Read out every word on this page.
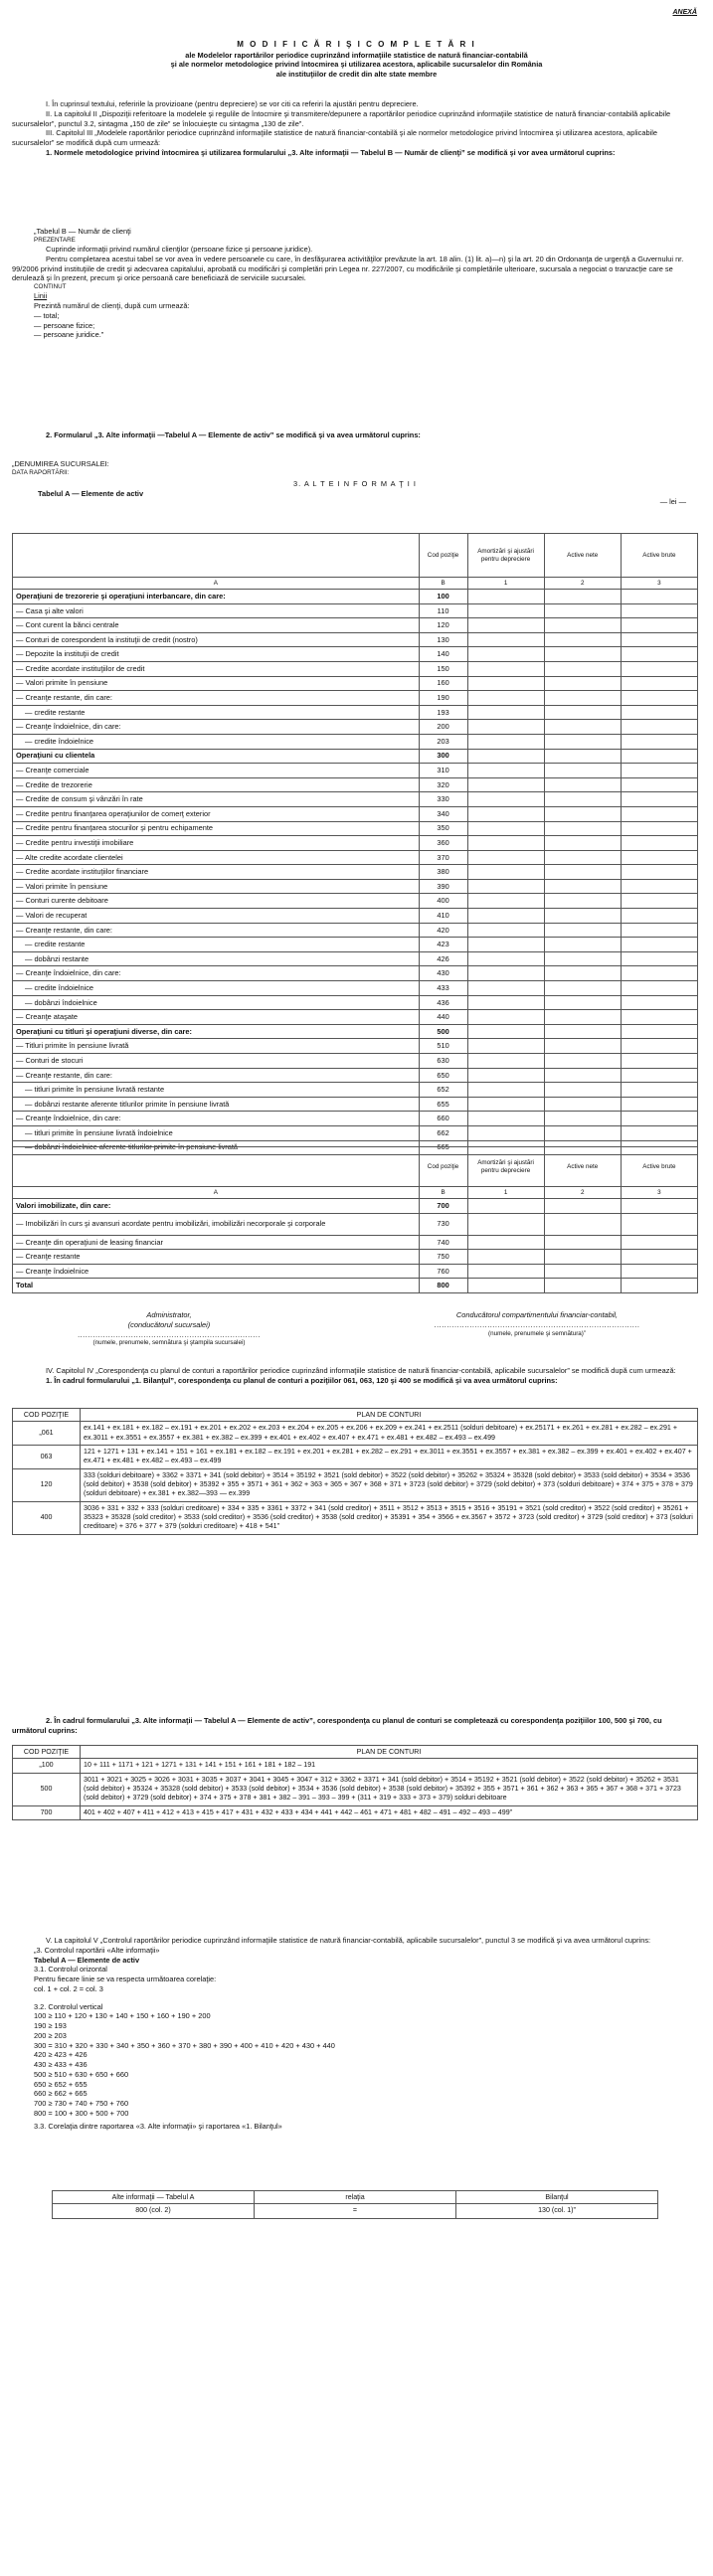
ANEXĂ
M O D I F I C Ă R I Ş I C O M P L E T Ă R I
ale Modelelor raportărilor periodice cuprinzând informaţiile statistice de natură financiar-contabilă
şi ale normelor metodologice privind întocmirea şi utilizarea acestora, aplicabile sucursalelor din România
ale instituţiilor de credit din alte state membre

I. În cuprinsul textului, referirile la provizioane (pentru depreciere) se vor citi ca referiri la ajustări pentru depreciere.

II. La capitolul II „Dispoziţii referitoare la modelele şi regulile de întocmire şi transmitere/depunere a raportărilor periodice cuprinzând informaţiile statistice de natură financiar-contabilă aplicabile sucursalelor”, punctul 3.2, sintagma „150 de zile” se înlocuieşte cu sintagma „130 de zile”.

III. Capitolul III „Modelele raportărilor periodice cuprinzând informaţiile statistice de natură financiar-contabilă şi ale normelor metodologice privind întocmirea şi utilizarea acestora, aplicabile sucursalelor” se modifică după cum urmează:

1. Normele metodologice privind întocmirea şi utilizarea formularului „3. Alte informaţii — Tabelul B — Număr de clienţi” se modifică şi vor avea următorul cuprins:

„Tabelul B — Număr de clienţi

PREZENTARE

Cuprinde informaţii privind numărul clienţilor (persoane fizice şi persoane juridice).

Pentru completarea acestui tabel se vor avea în vedere persoanele cu care, în desfăşurarea activităţilor prevăzute la art. 18 alin. (1) lit. a)—n) şi la art. 20 din Ordonanţa de urgenţă a Guvernului nr. 99/2006 privind instituţiile de credit şi adecvarea capitalului, aprobată cu modificări şi completări prin Legea nr. 227/2007, cu modificările şi completările ulterioare, sucursala a negociat o tranzacţie care se derulează şi în prezent, precum şi orice persoană care beneficiază de serviciile sucursalei.

CONTINUT

Linii

Prezintă numărul de clienţi, după cum urmează:

— total;

— persoane fizice;

— persoane juridice.”

2. Formularul „3. Alte informaţii —Tabelul A — Elemente de activ” se modifică şi va avea următorul cuprins:

„DENUMIREA SUCURSALEI:

DATA RAPORTĂRII:

3. A L T E I N F O R M A Ţ I I

Tabelul A — Elemente de activ

— lei —

	Cod poziţie	Amortizări şi ajustări pentru depreciere	Active nete	Active brute
A	B	1	2	3
Operaţiuni de trezorerie şi operaţiuni interbancare, din care:	100			
— Casa şi alte valori	110			
— Cont curent la bănci centrale	120			
— Conturi de corespondent la instituţii de credit (nostro)	130			
— Depozite la instituţii de credit	140			
— Credite acordate instituţiilor de credit	150			
— Valori primite în pensiune	160			
— Creanţe restante, din care:	190			
— credite restante	193			
— Creanţe îndoielnice, din care:	200			
— credite îndoielnice	203			
Operaţiuni cu clientela	300			
— Creanţe comerciale	310			
— Credite de trezorerie	320			
— Credite de consum şi vânzări în rate	330			
— Credite pentru finanţarea operaţiunilor de comerţ exterior	340			
— Credite pentru finanţarea stocurilor şi pentru echipamente	350			
— Credite pentru investiţii imobiliare	360			
— Alte credite acordate clientelei	370			
— Credite acordate instituţiilor financiare	380			
— Valori primite în pensiune	390			
— Conturi curente debitoare	400			
— Valori de recuperat	410			
— Creanţe restante, din care:	420			
— credite restante	423			
— dobânzi restante	426			
— Creanţe îndoielnice, din care:	430			
— credite îndoielnice	433			
— dobânzi îndoielnice	436			
— Creanţe ataşate	440			
Operaţiuni cu titluri şi operaţiuni diverse, din care:	500			
— Titluri primite în pensiune livrată	510			
— Conturi de stocuri	630			
— Creanţe restante, din care:	650			
— titluri primite în pensiune livrată restante	652			
— dobânzi restante aferente titlurilor primite în pensiune livrată	655			
— Creanţe îndoielnice, din care:	660			
— titluri primite în pensiune livrată îndoielnice	662			
— dobânzi îndoielnice aferente titlurilor primite în pensiune livrată	665			
	Cod poziţie	Amortizări şi ajustări pentru depreciere	Active nete	Active brute
A	B	1	2	3
Valori imobilizate, din care:	700			
— Imobilizări în curs şi avansuri acordate pentru imobilizări, imobilizări necorporale şi corporale	730			
— Creanţe din operaţiuni de leasing financiar	740			
— Creanţe restante	750			
— Creanţe îndoielnice	760			
Total	800			
Administrator,
(conducătorul sucursalei)
........................................................................
(numele, prenumele, semnătura şi ştampila sucursalei)
Conducătorul compartimentului financiar-contabil,
.................................................................................
(numele, prenumele şi semnătura)”

IV. Capitolul IV „Corespondenţa cu planul de conturi a raportărilor periodice cuprinzând informaţiile statistice de natură financiar-contabilă, aplicabile sucursalelor” se modifică după cum urmează:

1. În cadrul formularului „1. Bilanţul”, corespondenţa cu planul de conturi a poziţiilor 061, 063, 120 şi 400 se modifică şi va avea următorul cuprins:

COD POZIŢIE	PLAN DE CONTURI
„061	ex.141 + ex.181 + ex.182 – ex.191 + ex.201 + ex.202 + ex.203 + ex.204 + ex.205 + ex.206 + ex.209 + ex.241 + ex.2511 (solduri debitoare) + ex.25171 + ex.261 + ex.281 + ex.282 – ex.291 + ex.3011 + ex.3551 + ex.3557 + ex.381 + ex.382 – ex.399 + ex.401 + ex.402 + ex.407 + ex.471 + ex.481 + ex.482 – ex.493 – ex.499
063	121 + 1271 + 131 + ex.141 + 151 + 161 + ex.181 + ex.182 – ex.191 + ex.201 + ex.281 + ex.282 – ex.291 + ex.3011 + ex.3551 + ex.3557 + ex.381 + ex.382 – ex.399 + ex.401 + ex.402 + ex.407 + ex.471 + ex.481 + ex.482 – ex.493 – ex.499
120	333 (solduri debitoare) + 3362 + 3371 + 341 (sold debitor) + 3514 + 35192 + 3521 (sold debitor) + 3522 (sold debitor) + 35262 + 35324 + 35328 (sold debitor) + 3533 (sold debitor) + 3534 + 3536 (sold debitor) + 3538 (sold debitor) + 35392 + 355 + 3571 + 361 + 362 + 363 + 365 + 367 + 368 + 371 + 3723 (sold debitor) + 3729 (sold debitor) + 373 (solduri debitoare) + 374 + 375 + 378 + 379 (solduri debitoare) + ex.381 + ex.382—393 — ex.399
400	3036 + 331 + 332 + 333 (solduri creditoare) + 334 + 335 + 3361 + 3372 + 341 (sold creditor) + 3511 + 3512 + 3513 + 3515 + 3516 + 35191 + 3521 (sold creditor) + 3522 (sold creditor) + 35261 + 35323 + 35328 (sold creditor) + 3533 (sold creditor) + 3536 (sold creditor) + 3538 (sold creditor) + 35391 + 354 + 3566 + ex.3567 + 3572 + 3723 (sold creditor) + 3729 (sold creditor) + 373 (solduri creditoare) + 376 + 377 + 379 (solduri creditoare) + 418 + 541”

2. În cadrul formularului „3. Alte informaţii — Tabelul A — Elemente de activ”, corespondenţa cu planul de conturi se completează cu corespondenţa poziţiilor 100, 500 şi 700, cu următorul cuprins:

COD POZIŢIE	PLAN DE CONTURI
„100	10 + 111 + 1171 + 121 + 1271 + 131 + 141 + 151 + 161 + 181 + 182 – 191
500	3011 + 3021 + 3025 + 3026 + 3031 + 3035 + 3037 + 3041 + 3045 + 3047 + 312 + 3362 + 3371 + 341 (sold debitor) + 3514 + 35192 + 3521 (sold debitor) + 3522 (sold debitor) + 35262 + 3531 (sold debitor) + 35324 + 35328 (sold debitor) + 3533 (sold debitor) + 3534 + 3536 (sold debitor) + 3538 (sold debitor) + 35392 + 355 + 3571 + 361 + 362 + 363 + 365 + 367 + 368 + 371 + 3723 (sold debitor) + 3729 (sold debitor) + 374 + 375 + 378 + 381 + 382 – 391 – 393 – 399 + (311 + 319 + 333 + 373 + 379) solduri debitoare
700	401 + 402 + 407 + 411 + 412 + 413 + 415 + 417 + 431 + 432 + 433 + 434 + 441 + 442 – 461 + 471 + 481 + 482 – 491 – 492 – 493 – 499”

V. La capitolul V „Controlul raportărilor periodice cuprinzând informaţiile statistice de natură financiar-contabilă, aplicabile sucursalelor”, punctul 3 se modifică şi va avea următorul cuprins:

„3. Controlul raportării «Alte informaţii»

Tabelul A — Elemente de activ

3.1. Controlul orizontal

Pentru fiecare linie se va respecta următoarea corelaţie:

col. 1 + col. 2 = col. 3

3.2. Controlul vertical

100 ≥ 110 + 120 + 130 + 140 + 150 + 160 + 190 + 200

190 ≥ 193

200 ≥ 203

300 = 310 + 320 + 330 + 340 + 350 + 360 + 370 + 380 + 390 + 400 + 410 + 420 + 430 + 440

420 ≥ 423 + 426

430 ≥ 433 + 436

500 ≥ 510 + 630 + 650 + 660

650 ≥ 652 + 655

660 ≥ 662 + 665

700 ≥ 730 + 740 + 750 + 760

800 = 100 + 300 + 500 + 700

3.3. Corelaţia dintre raportarea «3. Alte informaţii» şi raportarea «1. Bilanţul»

Alte informaţii — Tabelul A	relaţia	Bilanţul
800 (col. 2)	=	130 (col. 1)”
